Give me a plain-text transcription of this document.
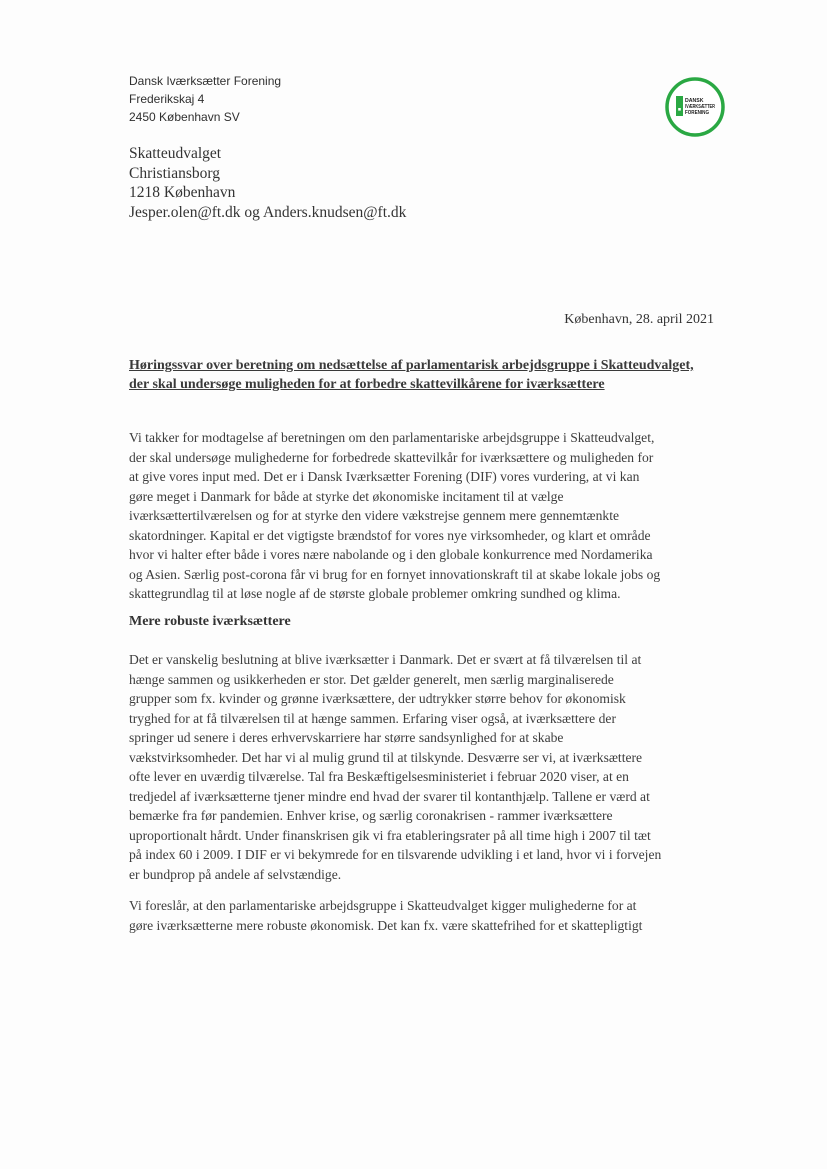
Dansk Iværksætter Forening
Frederikskaj 4
2450 København SV
DANSK
IVÆRKSÆTTER
FORENING
Skatteudvalget
Christiansborg
1218 København
Jesper.olen@ft.dk og Anders.knudsen@ft.dk
København, 28. april 2021
Høringssvar over beretning om nedsættelse af parlamentarisk arbejdsgruppe i Skatteudvalget,
der skal undersøge muligheden for at forbedre skattevilkårene for iværksættere
Vi takker for modtagelse af beretningen om den parlamentariske arbejdsgruppe i Skatteudvalget,
der skal undersøge mulighederne for forbedrede skattevilkår for iværksættere og muligheden for
at give vores input med. Det er i Dansk Iværksætter Forening (DIF) vores vurdering, at vi kan
gøre meget i Danmark for både at styrke det økonomiske incitament til at vælge
iværksættertilværelsen og for at styrke den videre vækstrejse gennem mere gennemtænkte
skatordninger. Kapital er det vigtigste brændstof for vores nye virksomheder, og klart et område
hvor vi halter efter både i vores nære nabolande og i den globale konkurrence med Nordamerika
og Asien. Særlig post-corona får vi brug for en fornyet innovationskraft til at skabe lokale jobs og
skattegrundlag til at løse nogle af de største globale problemer omkring sundhed og klima.
Mere robuste iværksættere
Det er vanskelig beslutning at blive iværksætter i Danmark. Det er svært at få tilværelsen til at
hænge sammen og usikkerheden er stor. Det gælder generelt, men særlig marginaliserede
grupper som fx. kvinder og grønne iværksættere, der udtrykker større behov for økonomisk
tryghed for at få tilværelsen til at hænge sammen. Erfaring viser også, at iværksættere der
springer ud senere i deres erhvervskarriere har større sandsynlighed for at skabe
vækstvirksomheder. Det har vi al mulig grund til at tilskynde. Desværre ser vi, at iværksættere
ofte lever en uværdig tilværelse. Tal fra Beskæftigelsesministeriet i februar 2020 viser, at en
tredjedel af iværksætterne tjener mindre end hvad der svarer til kontanthjælp. Tallene er værd at
bemærke fra før pandemien. Enhver krise, og særlig coronakrisen - rammer iværksættere
uproportionalt hårdt. Under finanskrisen gik vi fra etableringsrater på all time high i 2007 til tæt
på index 60 i 2009. I DIF er vi bekymrede for en tilsvarende udvikling i et land, hvor vi i forvejen
er bundprop på andele af selvstændige.
Vi foreslår, at den parlamentariske arbejdsgruppe i Skatteudvalget kigger mulighederne for at
gøre iværksætterne mere robuste økonomisk. Det kan fx. være skattefrihed for et skattepligtigt
